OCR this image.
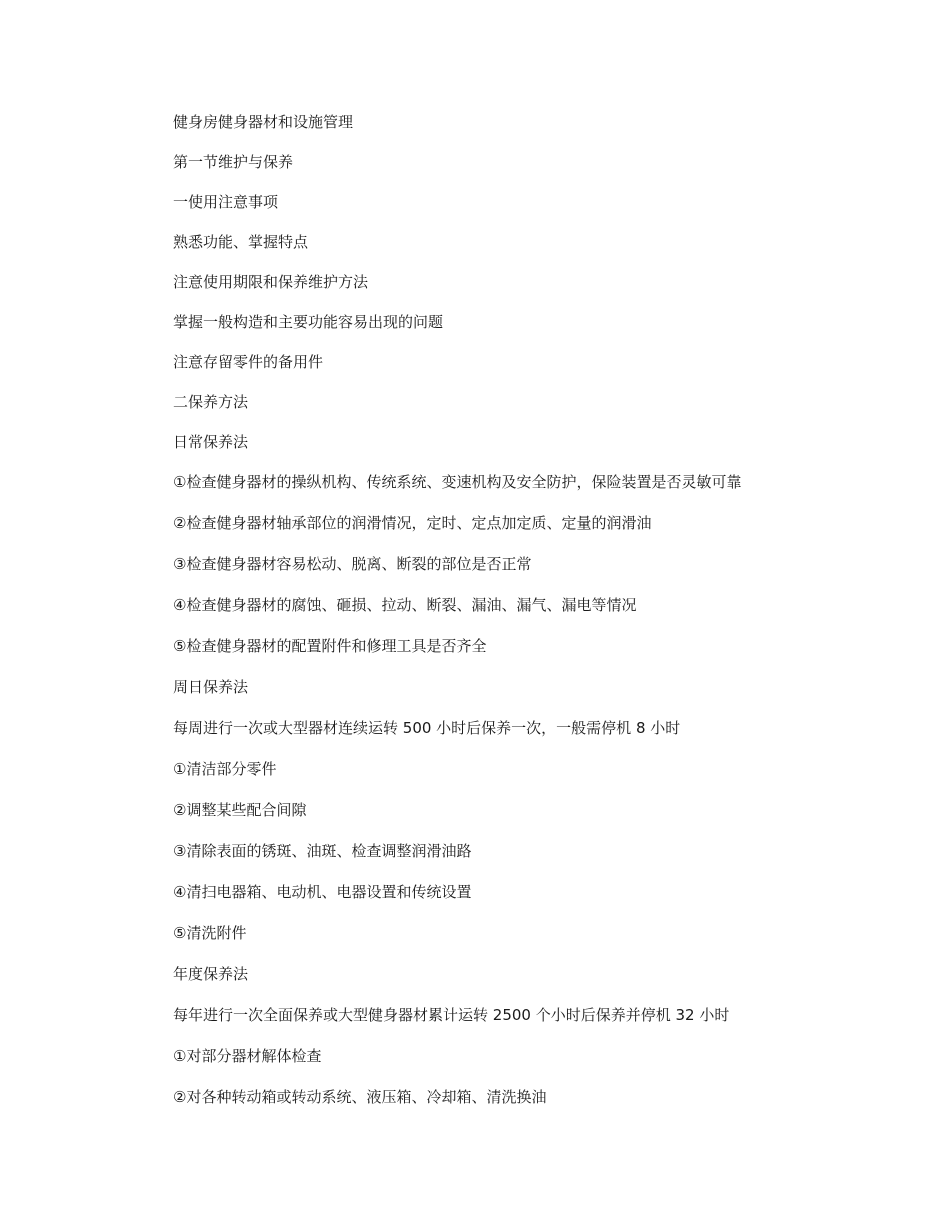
健身房健身器材和设施管理
第一节维护与保养
一使用注意事项
熟悉功能、掌握特点
注意使用期限和保养维护方法
掌握一般构造和主要功能容易出现的问题
注意存留零件的备用件
二保养方法
日常保养法
①检查健身器材的操纵机构、传统系统、变速机构及安全防护，保险装置是否灵敏可靠
②检查健身器材轴承部位的润滑情况，定时、定点加定质、定量的润滑油
③检查健身器材容易松动、脱离、断裂的部位是否正常
④检查健身器材的腐蚀、砸损、拉动、断裂、漏油、漏气、漏电等情况
⑤检查健身器材的配置附件和修理工具是否齐全
周日保养法
每周进行一次或大型器材连续运转 500 小时后保养一次，一般需停机 8 小时
①清洁部分零件
②调整某些配合间隙
③清除表面的锈斑、油斑、检查调整润滑油路
④清扫电器箱、电动机、电器设置和传统设置
⑤清洗附件
年度保养法
每年进行一次全面保养或大型健身器材累计运转 2500 个小时后保养并停机 32 小时
①对部分器材解体检查
②对各种转动箱或转动系统、液压箱、冷却箱、清洗换油
